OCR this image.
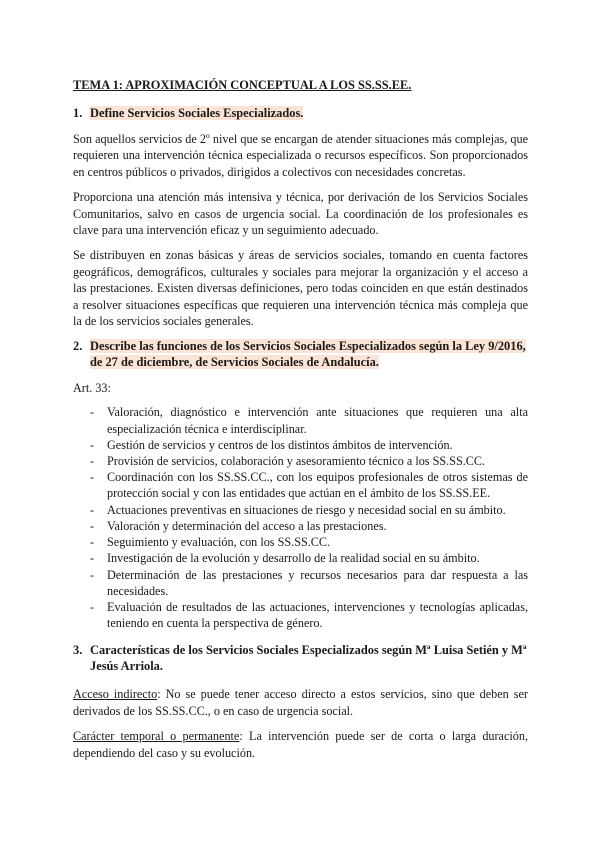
TEMA 1: APROXIMACIÓN CONCEPTUAL A LOS SS.SS.EE.
1. Define Servicios Sociales Especializados.

Son aquellos servicios de 2º nivel que se encargan de atender situaciones más complejas, que requieren una intervención técnica especializada o recursos específicos. Son proporcionados en centros públicos o privados, dirigidos a colectivos con necesidades concretas.

Proporciona una atención más intensiva y técnica, por derivación de los Servicios Sociales Comunitarios, salvo en casos de urgencia social. La coordinación de los profesionales es clave para una intervención eficaz y un seguimiento adecuado.

Se distribuyen en zonas básicas y áreas de servicios sociales, tomando en cuenta factores geográficos, demográficos, culturales y sociales para mejorar la organización y el acceso a las prestaciones. Existen diversas definiciones, pero todas coinciden en que están destinados a resolver situaciones específicas que requieren una intervención técnica más compleja que la de los servicios sociales generales.

2. Describe las funciones de los Servicios Sociales Especializados según la Ley 9/2016, de 27 de diciembre, de Servicios Sociales de Andalucía.

Art. 33:

-	Valoración, diagnóstico e intervención ante situaciones que requieren una alta especialización técnica e interdisciplinar.
-	Gestión de servicios y centros de los distintos ámbitos de intervención.
-	Provisión de servicios, colaboración y asesoramiento técnico a los SS.SS.CC.
-	Coordinación con los SS.SS.CC., con los equipos profesionales de otros sistemas de protección social y con las entidades que actúan en el ámbito de los SS.SS.EE.
-	Actuaciones preventivas en situaciones de riesgo y necesidad social en su ámbito.
-	Valoración y determinación del acceso a las prestaciones.
-	Seguimiento y evaluación, con los SS.SS.CC.
-	Investigación de la evolución y desarrollo de la realidad social en su ámbito.
-	Determinación de las prestaciones y recursos necesarios para dar respuesta a las necesidades.
-	Evaluación de resultados de las actuaciones, intervenciones y tecnologías aplicadas, teniendo en cuenta la perspectiva de género.
3. Características de los Servicios Sociales Especializados según Mª Luisa Setién y Mª Jesús Arriola.

Acceso indirecto: No se puede tener acceso directo a estos servicios, sino que deben ser derivados de los SS.SS.CC., o en caso de urgencia social.

Carácter temporal o permanente: La intervención puede ser de corta o larga duración, dependiendo del caso y su evolución.
